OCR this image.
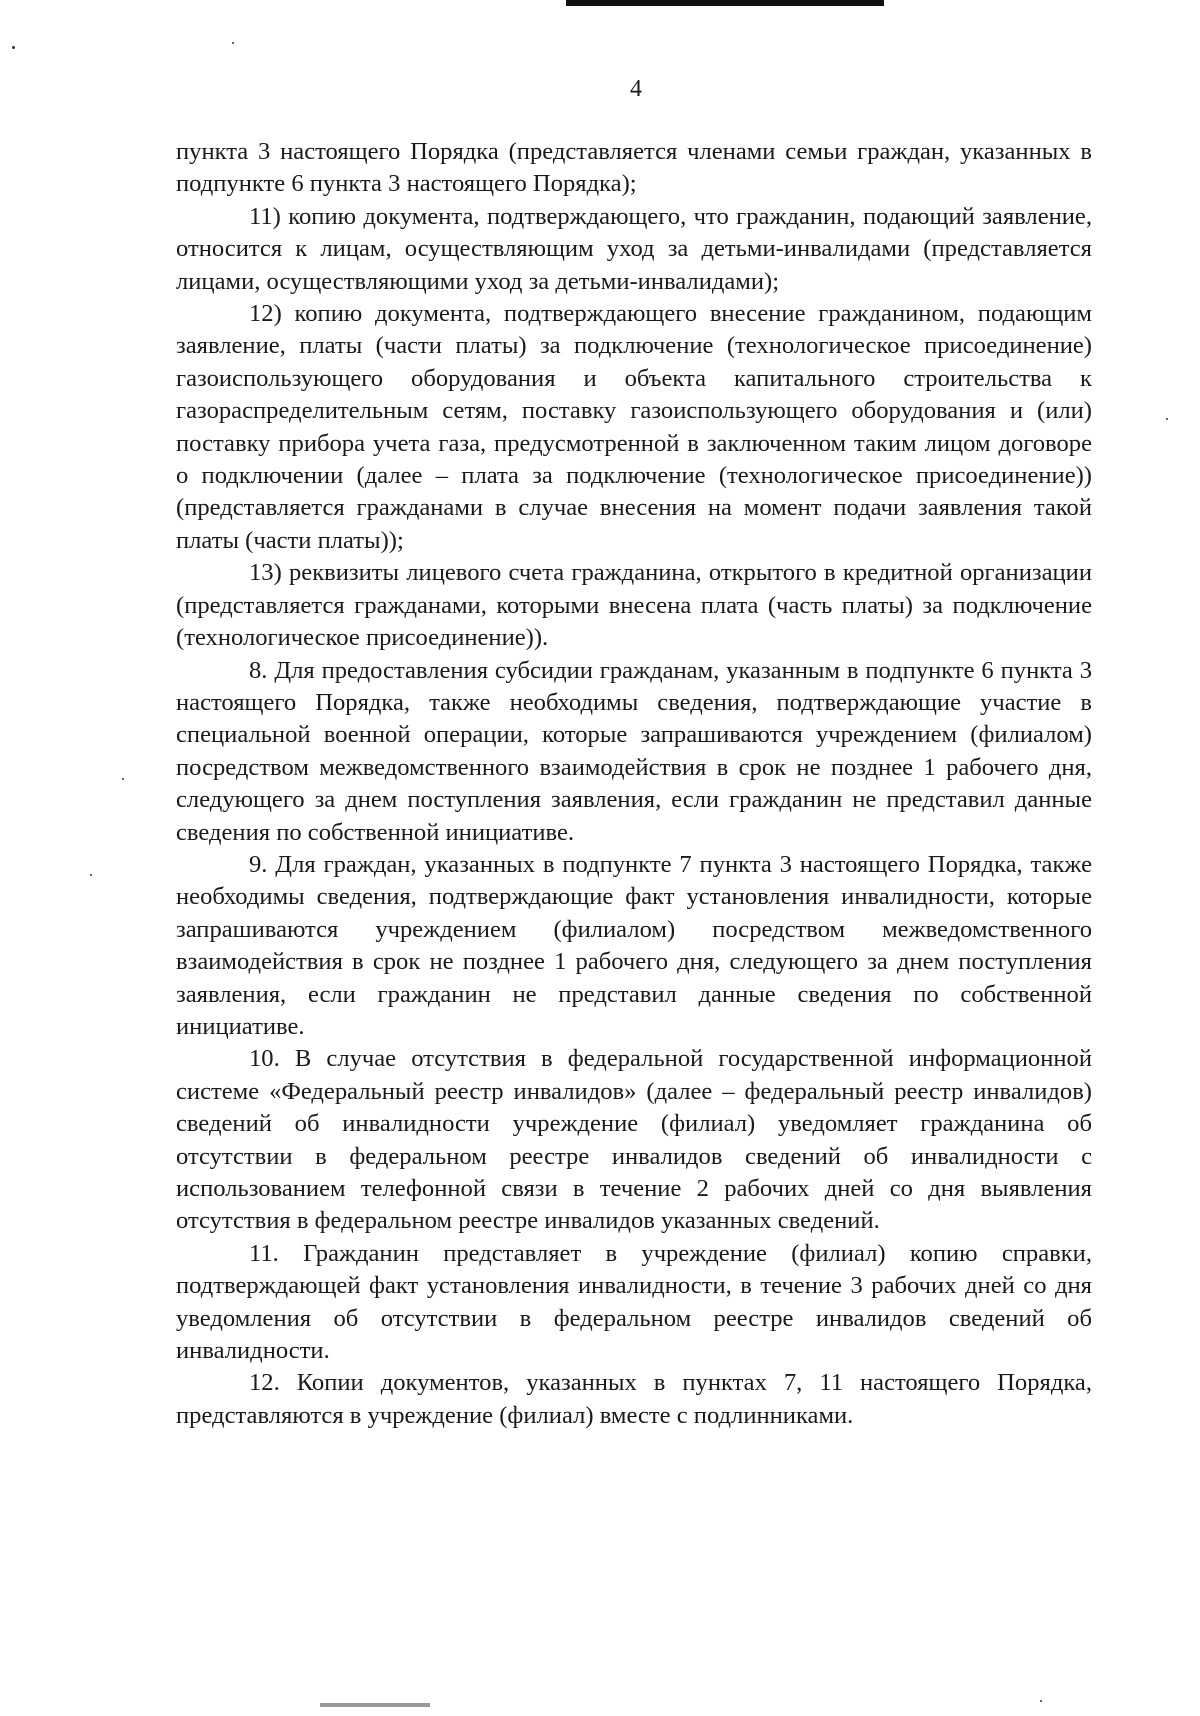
4

пункта 3 настоящего Порядка (представляется членами семьи граждан, указанных в подпункте 6 пункта 3 настоящего Порядка);

11) копию документа, подтверждающего, что гражданин, подающий заявление, относится к лицам, осуществляющим уход за детьми-инвалидами (представляется лицами, осуществляющими уход за детьми-инвалидами);

12) копию документа, подтверждающего внесение гражданином, подающим заявление, платы (части платы) за подключение (технологическое присоединение) газоиспользующего оборудования и объекта капитального строительства к газораспределительным сетям, поставку газоиспользующего оборудования и (или) поставку прибора учета газа, предусмотренной в заключенном таким лицом договоре о подключении (далее – плата за подключение (технологическое присоединение)) (представляется гражданами в случае внесения на момент подачи заявления такой платы (части платы));

13) реквизиты лицевого счета гражданина, открытого в кредитной организации (представляется гражданами, которыми внесена плата (часть платы) за подключение (технологическое присоединение)).

8. Для предоставления субсидии гражданам, указанным в подпункте 6 пункта 3 настоящего Порядка, также необходимы сведения, подтверждающие участие в специальной военной операции, которые запрашиваются учреждением (филиалом) посредством межведомственного взаимодействия в срок не позднее 1 рабочего дня, следующего за днем поступления заявления, если гражданин не представил данные сведения по собственной инициативе.

9. Для граждан, указанных в подпункте 7 пункта 3 настоящего Порядка, также необходимы сведения, подтверждающие факт установления инвалидности, которые запрашиваются учреждением (филиалом) посредством межведомственного взаимодействия в срок не позднее 1 рабочего дня, следующего за днем поступления заявления, если гражданин не представил данные сведения по собственной инициативе.

10. В случае отсутствия в федеральной государственной информационной системе «Федеральный реестр инвалидов» (далее – федеральный реестр инвалидов) сведений об инвалидности учреждение (филиал) уведомляет гражданина об отсутствии в федеральном реестре инвалидов сведений об инвалидности с использованием телефонной связи в течение 2 рабочих дней со дня выявления отсутствия в федеральном реестре инвалидов указанных сведений.

11. Гражданин представляет в учреждение (филиал) копию справки, подтверждающей факт установления инвалидности, в течение 3 рабочих дней со дня уведомления об отсутствии в федеральном реестре инвалидов сведений об инвалидности.

12. Копии документов, указанных в пунктах 7, 11 настоящего Порядка, представляются в учреждение (филиал) вместе с подлинниками.
